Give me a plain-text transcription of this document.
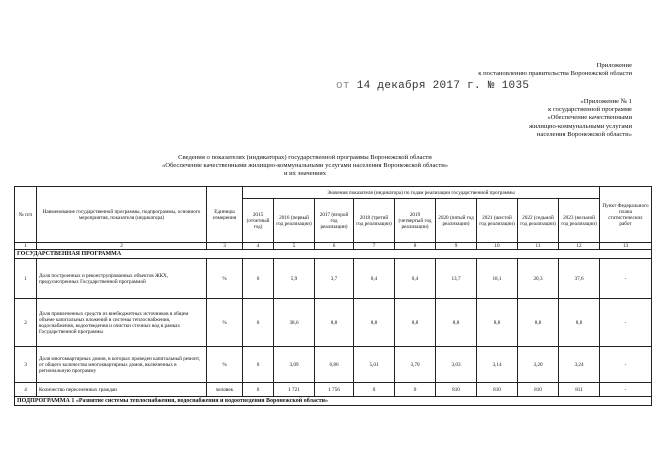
Приложение
к постановлению правительства Воронежской области
от 14 декабря 2017 г. № 1035
«Приложение № 1
к государственной программе
«Обеспечение качественными
жилищно-коммунальными услугами
населения Воронежской области»
Сведения о показателях (индикаторах) государственной программы Воронежской области
«Обеспечение качественными жилищно-коммунальными услугами населения Воронежской области»
и их значениях
№ п/п	Наименование государственной программы, подпрограммы, основного мероприятия, показателя (индикатора)	Единицы измерения	Значения показателя (индикатора) по годам реализации государственной программы									Пункт Федерального плана статистических работ
			2015 (отчетный год)	2016 (первый год реализации)	2017 (второй год реализации)	2018 (третий год реализации)	2019 (четвертый год реализации)	2020 (пятый год реализации)	2021 (шестой год реализации)	2022 (седьмой год реализации)	2023 (восьмой год реализации)	
1	2	3	4	5	6	7	8	9	10	11	12	13
ГОСУДАРСТВЕННАЯ ПРОГРАММА												
1	Доля построенных и реконструированных объектов ЖКХ, предусмотренных Государственной программой	%	0	5,9	3,7	0,4	0,4	13,7	18,1	20,3	37,6	-
2	Доля привлеченных средств из внебюджетных источников в общем объеме капитальных вложений в системы теплоснабжения, водоснабжения, водоотведения и очистки сточных вод в рамках Государственной программы	%	0	38,6	8,8	8,8	8,8	8,8	8,8	8,8	8,8	-
3	Доля многоквартирных домов, в которых проведен капитальный ремонт, от общего количества многоквартирных домов, включенных в региональную программу	%	0	3,09	6,86	5,01	3,70	3,03	3,14	3,20	3,24	-
4	Количество переселенных граждан	человек	0	1 721	1 756	0	0	810	810	810	811	-
ПОДПРОГРАММА 1 «Развитие системы теплоснабжения, водоснабжения и водоотведения Воронежской области»												
